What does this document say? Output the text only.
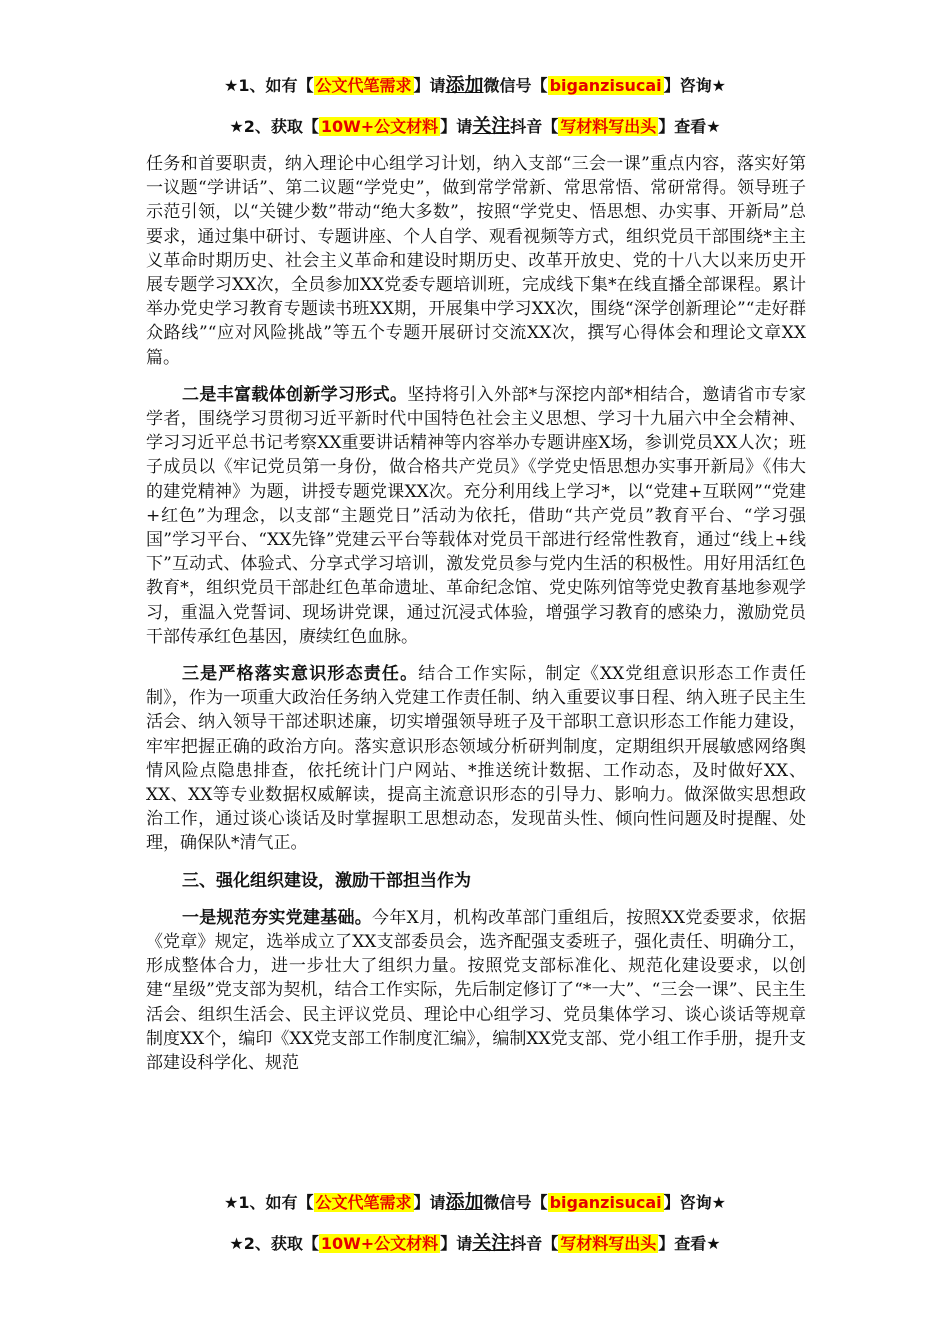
★1、如有【 公文代笔需求 】请添加微信号【 biganzisucai 】咨询★
★2、获取【 10W+公文材料 】请关注抖音【 写材料写出头 】查看★

任务和首要职责，纳入理论中心组学习计划，纳入支部“三会一课”重点内容，落实好第一议题“学讲话”、第二议题“学党史”，做到常学常新、常思常悟、常研常得。领导班子示范引领，以“关键少数”带动“绝大多数”，按照“学党史、悟思想、办实事、开新局”总要求，通过集中研讨、专题讲座、个人自学、观看视频等方式，组织党员干部围绕*主主义革命时期历史、社会主义革命和建设时期历史、改革开放史、党的十八大以来历史开展专题学习XX次，全员参加XX党委专题培训班，完成线下集*在线直播全部课程。累计举办党史学习教育专题读书班XX期，开展集中学习XX次，围绕“深学创新理论”“走好群众路线”“应对风险挑战”等五个专题开展研讨交流XX次，撰写心得体会和理论文章XX篇。

二是丰富载体创新学习形式。坚持将引入外部*与深挖内部*相结合，邀请省市专家学者，围绕学习贯彻习近平新时代中国特色社会主义思想、学习十九届六中全会精神、学习习近平总书记考察XX重要讲话精神等内容举办专题讲座X场，参训党员XX人次；班子成员以《牢记党员第一身份，做合格共产党员》《学党史悟思想办实事开新局》《伟大的建党精神》为题，讲授专题党课XX次。充分利用线上学习*，以“党建+互联网”“党建+红色”为理念，以支部“主题党日”活动为依托，借助“共产党员”教育平台、“学习强国”学习平台、“XX先锋”党建云平台等载体对党员干部进行经常性教育，通过“线上+线下”互动式、体验式、分享式学习培训，激发党员参与党内生活的积极性。用好用活红色教育*，组织党员干部赴红色革命遗址、革命纪念馆、党史陈列馆等党史教育基地参观学习，重温入党誓词、现场讲党课，通过沉浸式体验，增强学习教育的感染力，激励党员干部传承红色基因，赓续红色血脉。

三是严格落实意识形态责任。结合工作实际，制定《XX党组意识形态工作责任制》，作为一项重大政治任务纳入党建工作责任制、纳入重要议事日程、纳入班子民主生活会、纳入领导干部述职述廉，切实增强领导班子及干部职工意识形态工作能力建设，牢牢把握正确的政治方向。落实意识形态领域分析研判制度，定期组织开展敏感网络舆情风险点隐患排查，依托统计门户网站、*推送统计数据、工作动态，及时做好XX、XX、XX等专业数据权威解读，提高主流意识形态的引导力、影响力。做深做实思想政治工作，通过谈心谈话及时掌握职工思想动态，发现苗头性、倾向性问题及时提醒、处理，确保队*清气正。

三、强化组织建设，激励干部担当作为

一是规范夯实党建基础。今年X月，机构改革部门重组后，按照XX党委要求，依据《党章》规定，选举成立了XX支部委员会，选齐配强支委班子，强化责任、明确分工，形成整体合力，进一步壮大了组织力量。按照党支部标准化、规范化建设要求，以创建“星级”党支部为契机，结合工作实际，先后制定修订了“*一大”、“三会一课”、民主生活会、组织生活会、民主评议党员、理论中心组学习、党员集体学习、谈心谈话等规章制度XX个，编印《XX党支部工作制度汇编》，编制XX党支部、党小组工作手册，提升支部建设科学化、规范

★1、如有【 公文代笔需求 】请添加微信号【 biganzisucai 】咨询★
★2、获取【 10W+公文材料 】请关注抖音【 写材料写出头 】查看★
